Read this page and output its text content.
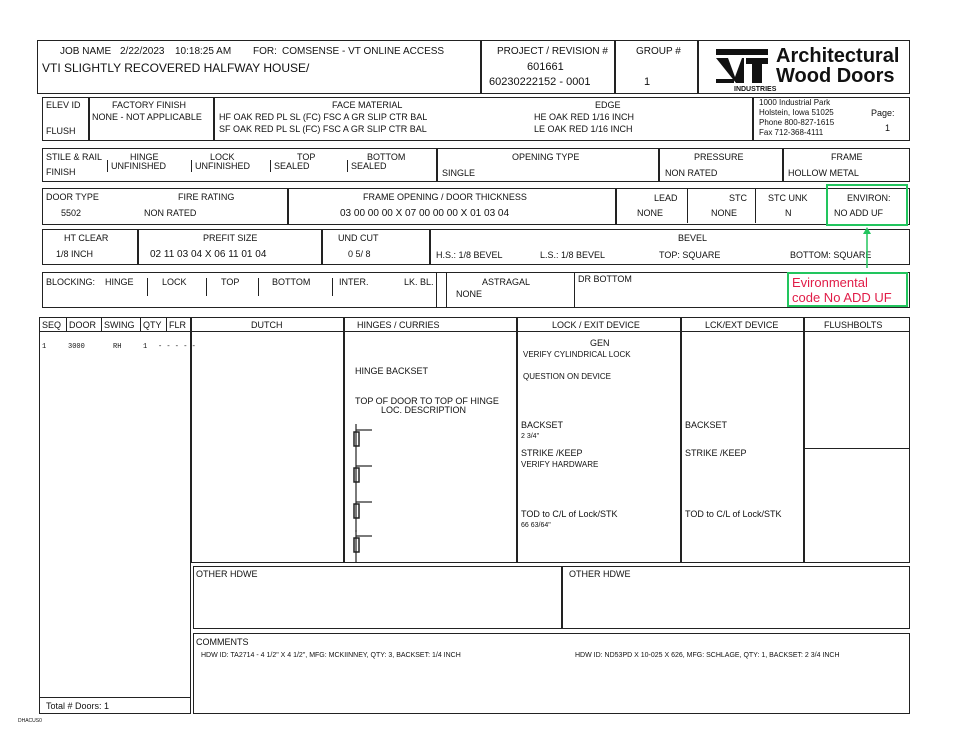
JOB NAME 2/22/2023 10:18:25 AM FOR: COMSENSE - VT ONLINE ACCESS
VTI SLIGHTLY RECOVERED HALFWAY HOUSE/
PROJECT / REVISION #
601661
60230222152 - 0001
GROUP #
1
INDUSTRIES
Architectural
Wood Doors
ELEV ID
FLUSH
FACTORY FINISH
NONE - NOT APPLICABLE
FACE MATERIAL
HF OAK RED PL SL (FC) FSC A GR SLIP CTR BAL
SF OAK RED PL SL (FC) FSC A GR SLIP CTR BAL
EDGE
HE OAK RED 1/16 INCH
LE OAK RED 1/16 INCH
1000 Industrial Park
Holstein, Iowa 51025
Phone 800-827-1615
Fax 712-368-4111
Page:
1
STILE & RAIL
FINISH
HINGE
UNFINISHED
LOCK
UNFINISHED
TOP
SEALED
BOTTOM
SEALED
OPENING TYPE
SINGLE
PRESSURE
NON RATED
FRAME
HOLLOW METAL
DOOR TYPE
5502
FIRE RATING
NON RATED
FRAME OPENING / DOOR THICKNESS
03 00 00 00 X 07 00 00 00 X 01 03 04
LEAD
NONE
STC
NONE
STC UNK
N
ENVIRON:
NO ADD UF
HT CLEAR
1/8 INCH
PREFIT SIZE
02 11 03 04 X 06 11 01 04
UND CUT
0 5/ 8
BEVEL
H.S.: 1/8 BEVEL	L.S.: 1/8 BEVEL	TOP: SQUARE	BOTTOM: SQUARE
BLOCKING: HINGE	LOCK	TOP	BOTTOM	INTER.	LK. BL.	ASTRAGAL
NONE
DR BOTTOM	Evironmental
code No ADD UF
SEQ DOOR SWING QTY FLR
1	3000	RH	1 - - - - -
Total # Doors: 1
DUTCH	HINGES / CURRIES
HINGE BACKSET
TOP OF DOOR TO TOP OF HINGE
LOC. DESCRIPTION
LOCK / EXIT DEVICE
GEN
VERIFY CYLINDRICAL LOCK
QUESTION ON DEVICE
BACKSET
2 3/4"
STRIKE /KEEP
VERIFY HARDWARE
TOD to C/L of Lock/STK
66 63/64"
LCK/EXT DEVICE
BACKSET
STRIKE /KEEP
TOD to C/L of Lock/STK
FLUSHBOLTS
OTHER HDWE	OTHER HDWE
COMMENTS
HDW ID: TA2714 - 4 1/2" X 4 1/2", MFG: MCKIINNEY, QTY: 3, BACKSET: 1/4 INCH	HDW ID: ND53PD X 10-025 X 626, MFG: SCHLAGE, QTY: 1, BACKSET: 2 3/4 INCH
DHACUS0
